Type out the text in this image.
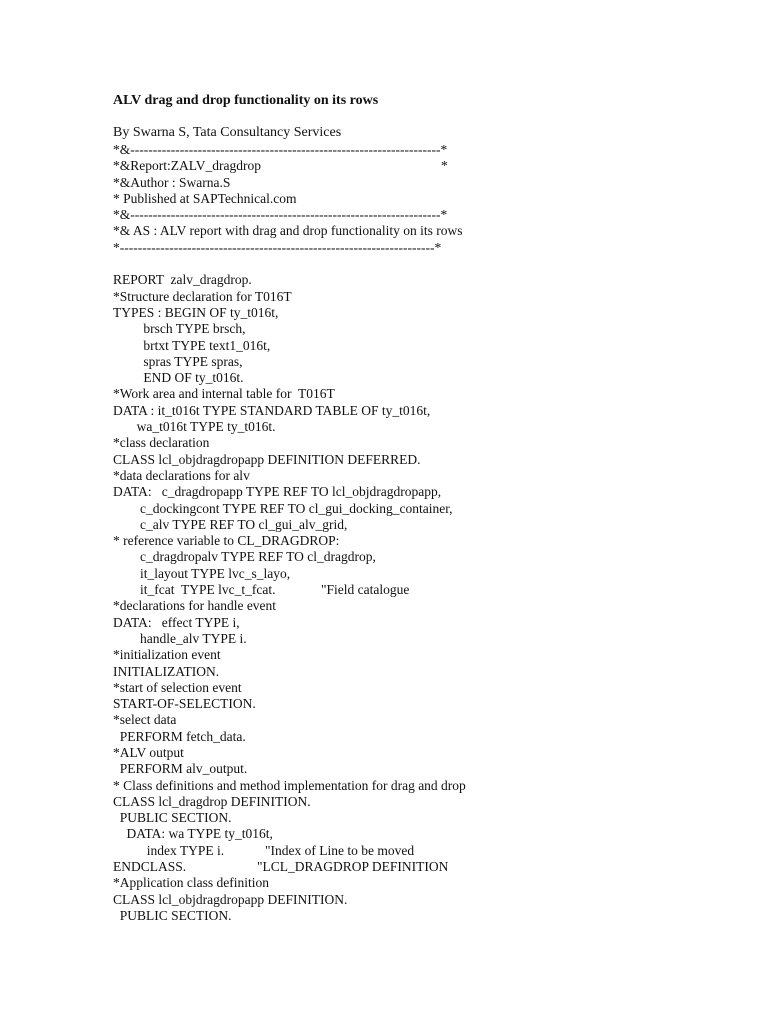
ALV drag and drop functionality on its rows
By Swarna S, Tata Consultancy Services
*&---------------------------------------------------------------------*
*&Report:ZALV_dragdrop	*
*&Author : Swarna.S
* Published at SAPTechnical.com
*&---------------------------------------------------------------------*
*& AS : ALV report with drag and drop functionality on its rows
*----------------------------------------------------------------------*
REPORT  zalv_dragdrop.
*Structure declaration for T016T
TYPES : BEGIN OF ty_t016t,
brsch TYPE brsch,
brtxt TYPE text1_016t,
spras TYPE spras,
END OF ty_t016t.
*Work area and internal table for  T016T
DATA : it_t016t TYPE STANDARD TABLE OF ty_t016t,
wa_t016t TYPE ty_t016t.
*class declaration
CLASS lcl_objdragdropapp DEFINITION DEFERRED.
*data declarations for alv
DATA:   c_dragdropapp TYPE REF TO lcl_objdragdropapp,
c_dockingcont TYPE REF TO cl_gui_docking_container,
c_alv TYPE REF TO cl_gui_alv_grid,
* reference variable to CL_DRAGDROP:
c_dragdropalv TYPE REF TO cl_dragdrop,
it_layout TYPE lvc_s_layo,
it_fcat  TYPE lvc_t_fcat.	"Field catalogue
*declarations for handle event
DATA:   effect TYPE i,
handle_alv TYPE i.
*initialization event
INITIALIZATION.
*start of selection event
START-OF-SELECTION.
*select data
PERFORM fetch_data.
*ALV output
PERFORM alv_output.
* Class definitions and method implementation for drag and drop
CLASS lcl_dragdrop DEFINITION.
PUBLIC SECTION.
DATA: wa TYPE ty_t016t,
index TYPE i.	"Index of Line to be moved
ENDCLASS.	"LCL_DRAGDROP DEFINITION
*Application class definition
CLASS lcl_objdragdropapp DEFINITION.
PUBLIC SECTION.
